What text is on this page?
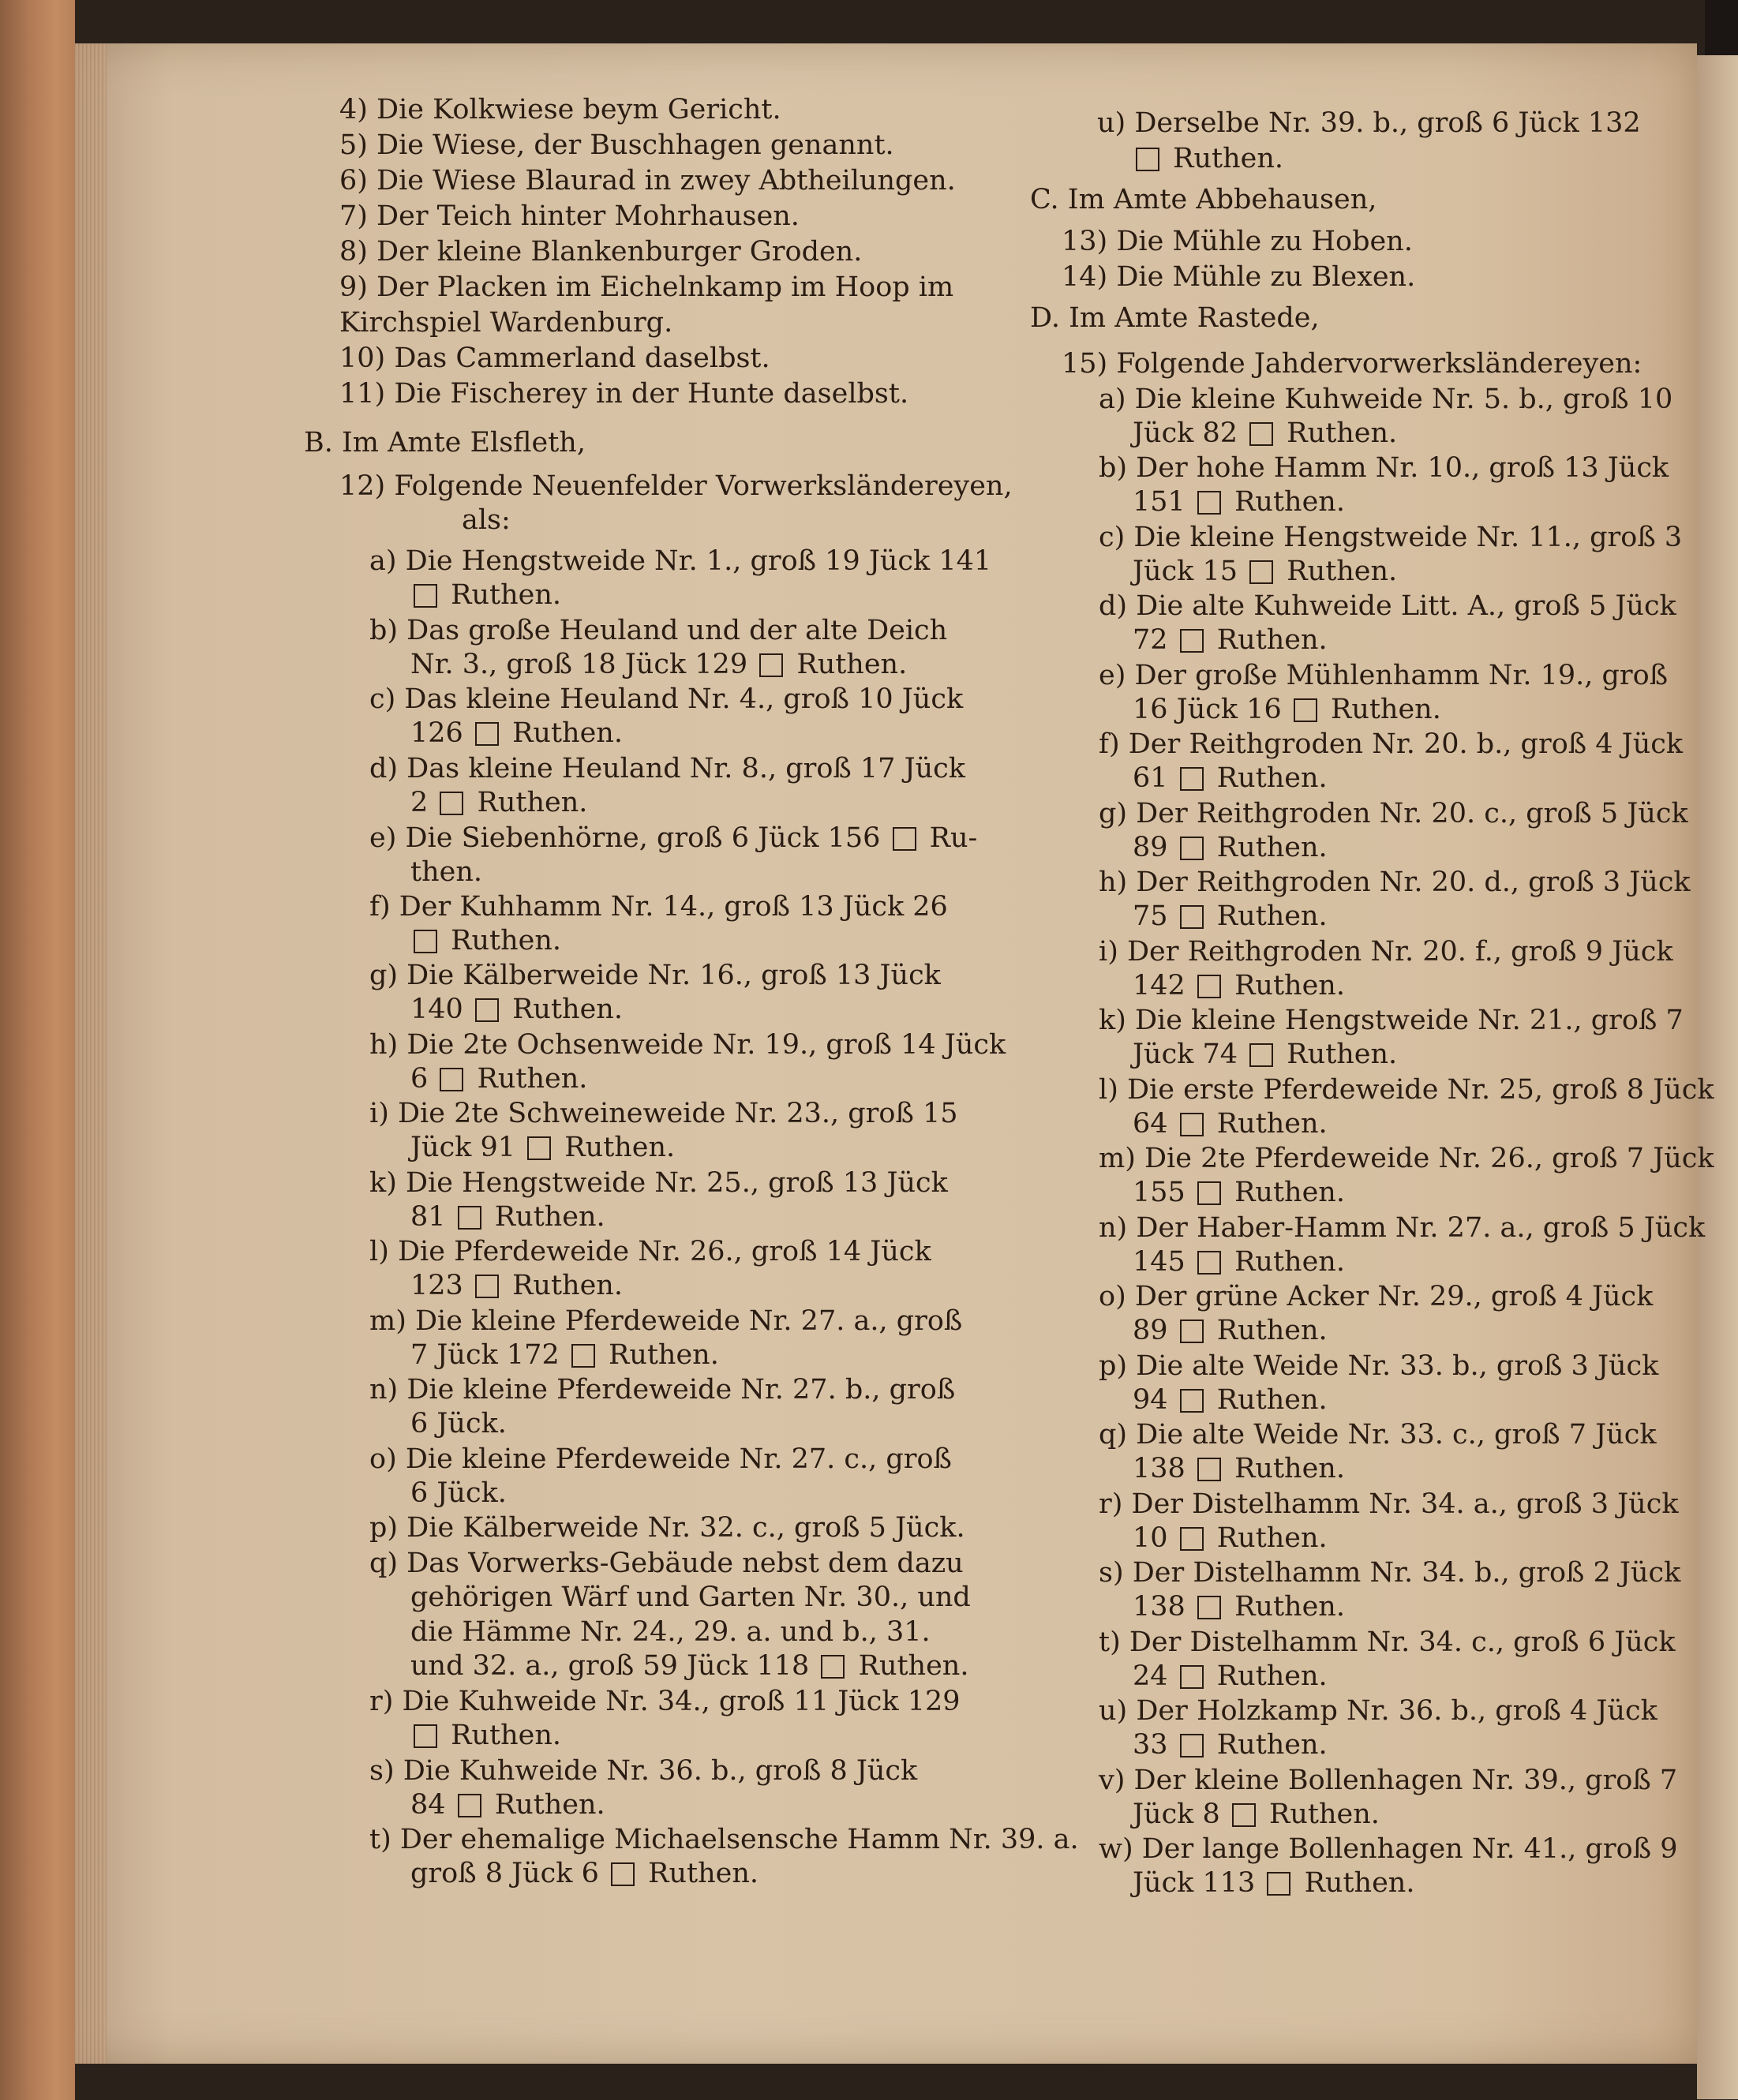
4) Die Kolkwiese beym Gericht.
5) Die Wiese, der Buschhagen genannt.
6) Die Wiese Blaurad in zwey Abtheilungen.
7) Der Teich hinter Mohrhausen.
8) Der kleine Blankenburger Groden.
9) Der Placken im Eichelnkamp im Hoop im
Kirchspiel Wardenburg.
10) Das Cammerland daselbst.
11) Die Fischerey in der Hunte daselbst.
B. Im Amte Elsfleth,
12) Folgende Neuenfelder Vorwerksländereyen,
als:
a) Die Hengstweide Nr. 1., groß 19 Jück 141
Ruthen.
b) Das große Heuland und der alte Deich
Nr. 3., groß 18 Jück 129  Ruthen.
c) Das kleine Heuland Nr. 4., groß 10 Jück
126  Ruthen.
d) Das kleine Heuland Nr. 8., groß 17 Jück
2  Ruthen.
e) Die Siebenhörne, groß 6 Jück 156  Ru-
then.
f) Der Kuhhamm Nr. 14., groß 13 Jück 26
Ruthen.
g) Die Kälberweide Nr. 16., groß 13 Jück
140  Ruthen.
h) Die 2te Ochsenweide Nr. 19., groß 14 Jück
6  Ruthen.
i) Die 2te Schweineweide Nr. 23., groß 15
Jück 91  Ruthen.
k) Die Hengstweide Nr. 25., groß 13 Jück
81  Ruthen.
l) Die Pferdeweide Nr. 26., groß 14 Jück
123  Ruthen.
m) Die kleine Pferdeweide Nr. 27. a., groß
7 Jück 172  Ruthen.
n) Die kleine Pferdeweide Nr. 27. b., groß
6 Jück.
o) Die kleine Pferdeweide Nr. 27. c., groß
6 Jück.
p) Die Kälberweide Nr. 32. c., groß 5 Jück.
q) Das Vorwerks-Gebäude nebst dem dazu
gehörigen Wärf und Garten Nr. 30., und
die Hämme Nr. 24., 29. a. und b., 31.
und 32. a., groß 59 Jück 118  Ruthen.
r) Die Kuhweide Nr. 34., groß 11 Jück 129
Ruthen.
s) Die Kuhweide Nr. 36. b., groß 8 Jück
84  Ruthen.
t) Der ehemalige Michaelsensche Hamm Nr. 39. a.
groß 8 Jück 6  Ruthen.
u) Derselbe Nr. 39. b., groß 6 Jück 132
Ruthen.
C. Im Amte Abbehausen,
13) Die Mühle zu Hoben.
14) Die Mühle zu Blexen.
D. Im Amte Rastede,
15) Folgende Jahdervorwerksländereyen:
a) Die kleine Kuhweide Nr. 5. b., groß 10
Jück 82  Ruthen.
b) Der hohe Hamm Nr. 10., groß 13 Jück
151  Ruthen.
c) Die kleine Hengstweide Nr. 11., groß 3
Jück 15  Ruthen.
d) Die alte Kuhweide Litt. A., groß 5 Jück
72  Ruthen.
e) Der große Mühlenhamm Nr. 19., groß
16 Jück 16  Ruthen.
f) Der Reithgroden Nr. 20. b., groß 4 Jück
61  Ruthen.
g) Der Reithgroden Nr. 20. c., groß 5 Jück
89  Ruthen.
h) Der Reithgroden Nr. 20. d., groß 3 Jück
75  Ruthen.
i) Der Reithgroden Nr. 20. f., groß 9 Jück
142  Ruthen.
k) Die kleine Hengstweide Nr. 21., groß 7
Jück 74  Ruthen.
l) Die erste Pferdeweide Nr. 25, groß 8 Jück
64  Ruthen.
m) Die 2te Pferdeweide Nr. 26., groß 7 Jück
155  Ruthen.
n) Der Haber-Hamm Nr. 27. a., groß 5 Jück
145  Ruthen.
o) Der grüne Acker Nr. 29., groß 4 Jück
89  Ruthen.
p) Die alte Weide Nr. 33. b., groß 3 Jück
94  Ruthen.
q) Die alte Weide Nr. 33. c., groß 7 Jück
138  Ruthen.
r) Der Distelhamm Nr. 34. a., groß 3 Jück
10  Ruthen.
s) Der Distelhamm Nr. 34. b., groß 2 Jück
138  Ruthen.
t) Der Distelhamm Nr. 34. c., groß 6 Jück
24  Ruthen.
u) Der Holzkamp Nr. 36. b., groß 4 Jück
33  Ruthen.
v) Der kleine Bollenhagen Nr. 39., groß 7
Jück 8  Ruthen.
w) Der lange Bollenhagen Nr. 41., groß 9
Jück 113  Ruthen.
